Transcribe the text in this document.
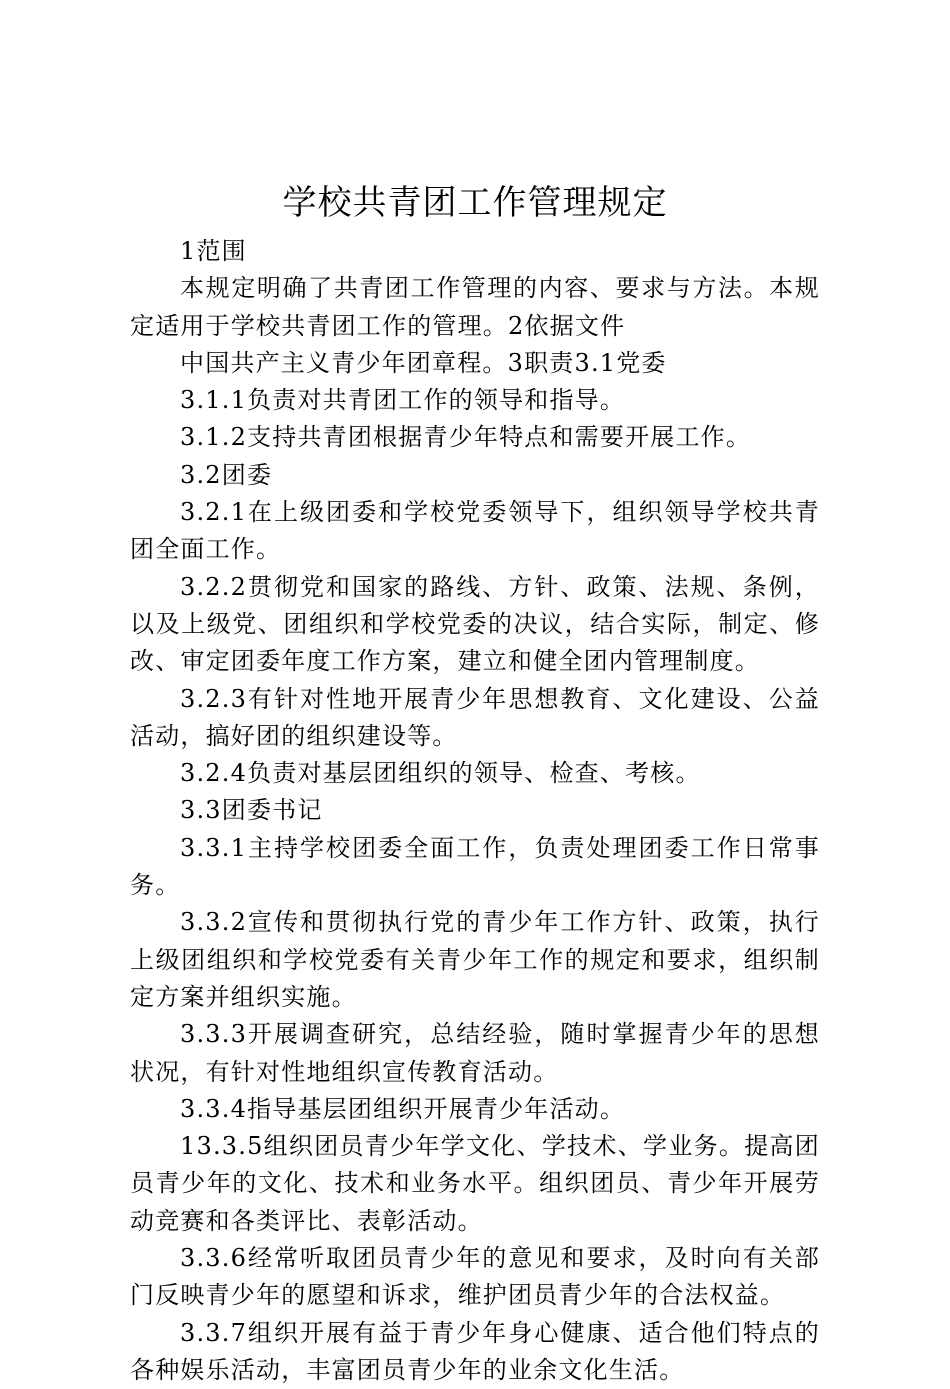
学校共青团工作管理规定

1范围

本规定明确了共青团工作管理的内容、要求与方法。本规定适用于学校共青团工作的管理。2依据文件

中国共产主义青少年团章程。3职责3.1党委

3.1.1负责对共青团工作的领导和指导。

3.1.2支持共青团根据青少年特点和需要开展工作。

3.2团委

3.2.1在上级团委和学校党委领导下，组织领导学校共青团全面工作。

3.2.2贯彻党和国家的路线、方针、政策、法规、条例，以及上级党、团组织和学校党委的决议，结合实际，制定、修改、审定团委年度工作方案，建立和健全团内管理制度。

3.2.3有针对性地开展青少年思想教育、文化建设、公益活动，搞好团的组织建设等。

3.2.4负责对基层团组织的领导、检查、考核。

3.3团委书记

3.3.1主持学校团委全面工作，负责处理团委工作日常事务。

3.3.2宣传和贯彻执行党的青少年工作方针、政策，执行上级团组织和学校党委有关青少年工作的规定和要求，组织制定方案并组织实施。

3.3.3开展调查研究，总结经验，随时掌握青少年的思想状况，有针对性地组织宣传教育活动。

3.3.4指导基层团组织开展青少年活动。

13.3.5组织团员青少年学文化、学技术、学业务。提高团员青少年的文化、技术和业务水平。组织团员、青少年开展劳动竞赛和各类评比、表彰活动。

3.3.6经常听取团员青少年的意见和要求，及时向有关部门反映青少年的愿望和诉求，维护团员青少年的合法权益。

3.3.7组织开展有益于青少年身心健康、适合他们特点的各种娱乐活动，丰富团员青少年的业余文化生活。
